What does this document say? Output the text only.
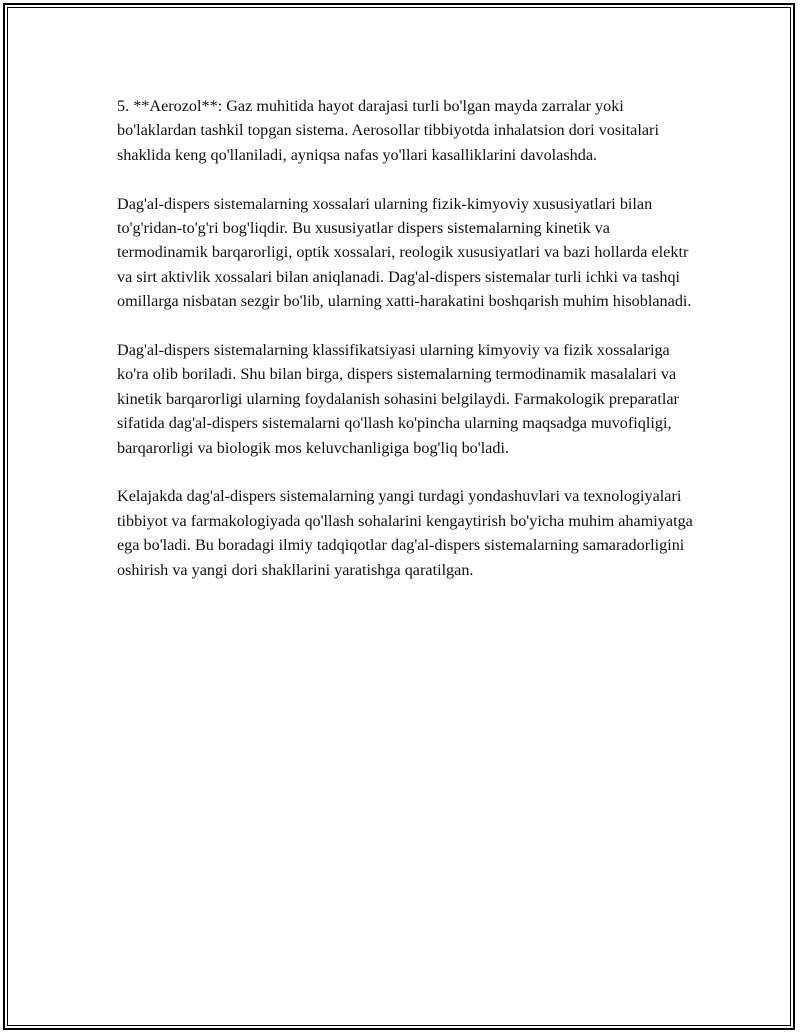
5. **Aerozol**: Gaz muhitida hayot darajasi turli bo'lgan mayda zarralar yoki bo'laklardan tashkil topgan sistema. Aerosollar tibbiyotda inhalatsion dori vositalari shaklida keng qo'llaniladi, ayniqsa nafas yo'llari kasalliklarini davolashda.

Dag'al-dispers sistemalarning xossalari ularning fizik-kimyoviy xususiyatlari bilan to'g'ridan-to'g'ri bog'liqdir. Bu xususiyatlar dispers sistemalarning kinetik va termodinamik barqarorligi, optik xossalari, reologik xususiyatlari va bazi hollarda elektr va sirt aktivlik xossalari bilan aniqlanadi. Dag'al-dispers sistemalar turli ichki va tashqi omillarga nisbatan sezgir bo'lib, ularning xatti-harakatini boshqarish muhim hisoblanadi.

Dag'al-dispers sistemalarning klassifikatsiyasi ularning kimyoviy va fizik xossalariga ko'ra olib boriladi. Shu bilan birga, dispers sistemalarning termodinamik masalalari va kinetik barqarorligi ularning foydalanish sohasini belgilaydi. Farmakologik preparatlar sifatida dag'al-dispers sistemalarni qo'llash ko'pincha ularning maqsadga muvofiqligi, barqarorligi va biologik mos keluvchanligiga bog'liq bo'ladi.

Kelajakda dag'al-dispers sistemalarning yangi turdagi yondashuvlari va texnologiyalari tibbiyot va farmakologiyada qo'llash sohalarini kengaytirish bo'yicha muhim ahamiyatga ega bo'ladi. Bu boradagi ilmiy tadqiqotlar dag'al-dispers sistemalarning samaradorligini oshirish va yangi dori shakllarini yaratishga qaratilgan.
